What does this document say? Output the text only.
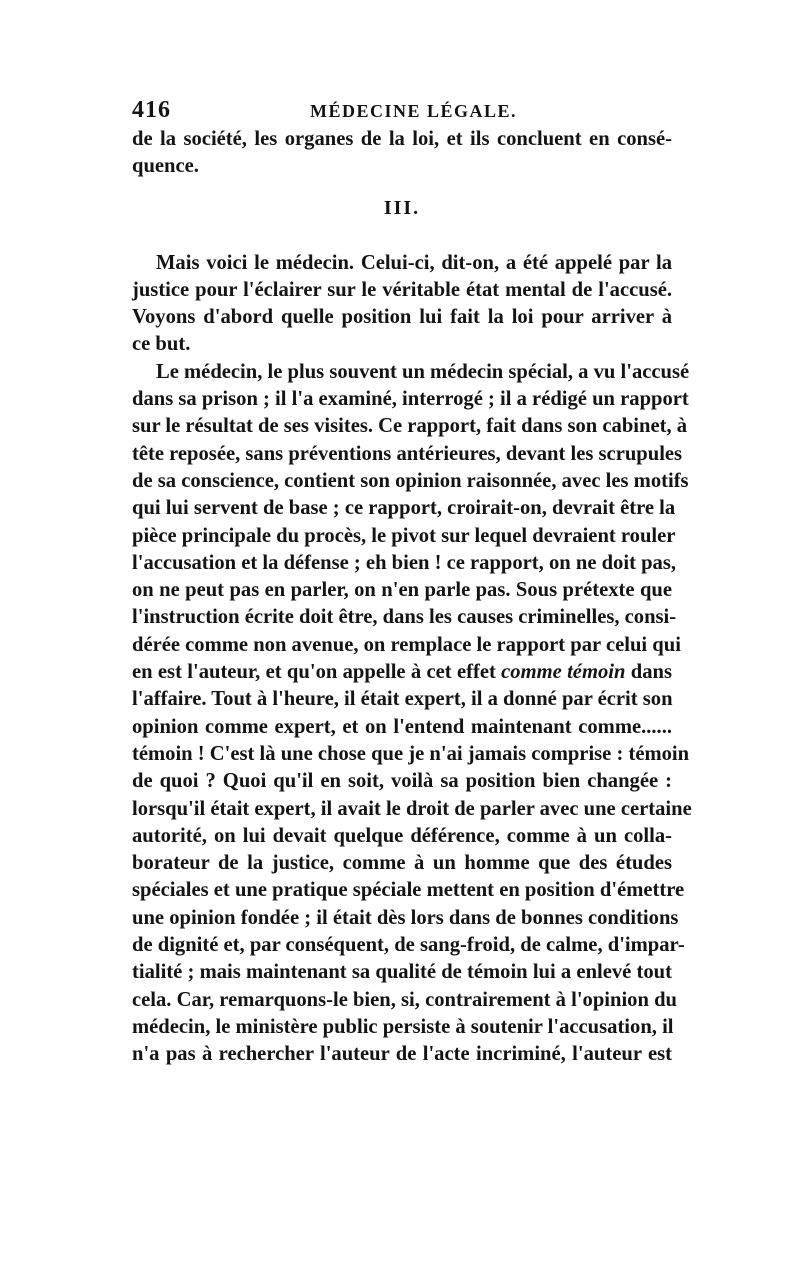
416	MÉDECINE LÉGALE.
de la société, les organes de la loi, et ils concluent en consé-
quence.
III.
Mais voici le médecin. Celui-ci, dit-on, a été appelé par la
justice pour l'éclairer sur le véritable état mental de l'accusé.
Voyons d'abord quelle position lui fait la loi pour arriver à
ce but.
Le médecin, le plus souvent un médecin spécial, a vu l'accusé
dans sa prison ; il l'a examiné, interrogé ; il a rédigé un rapport
sur le résultat de ses visites. Ce rapport, fait dans son cabinet, à
tête reposée, sans préventions antérieures, devant les scrupules
de sa conscience, contient son opinion raisonnée, avec les motifs
qui lui servent de base ; ce rapport, croirait-on, devrait être la
pièce principale du procès, le pivot sur lequel devraient rouler
l'accusation et la défense ; eh bien ! ce rapport, on ne doit pas,
on ne peut pas en parler, on n'en parle pas. Sous prétexte que
l'instruction écrite doit être, dans les causes criminelles, consi-
dérée comme non avenue, on remplace le rapport par celui qui
en est l'auteur, et qu'on appelle à cet effet comme témoin dans
l'affaire. Tout à l'heure, il était expert, il a donné par écrit son
opinion comme expert, et on l'entend maintenant comme......
témoin ! C'est là une chose que je n'ai jamais comprise : témoin
de quoi ? Quoi qu'il en soit, voilà sa position bien changée :
lorsqu'il était expert, il avait le droit de parler avec une certaine
autorité, on lui devait quelque déférence, comme à un colla-
borateur de la justice, comme à un homme que des études
spéciales et une pratique spéciale mettent en position d'émettre
une opinion fondée ; il était dès lors dans de bonnes conditions
de dignité et, par conséquent, de sang-froid, de calme, d'impar-
tialité ; mais maintenant sa qualité de témoin lui a enlevé tout
cela. Car, remarquons-le bien, si, contrairement à l'opinion du
médecin, le ministère public persiste à soutenir l'accusation, il
n'a pas à rechercher l'auteur de l'acte incriminé, l'auteur est
